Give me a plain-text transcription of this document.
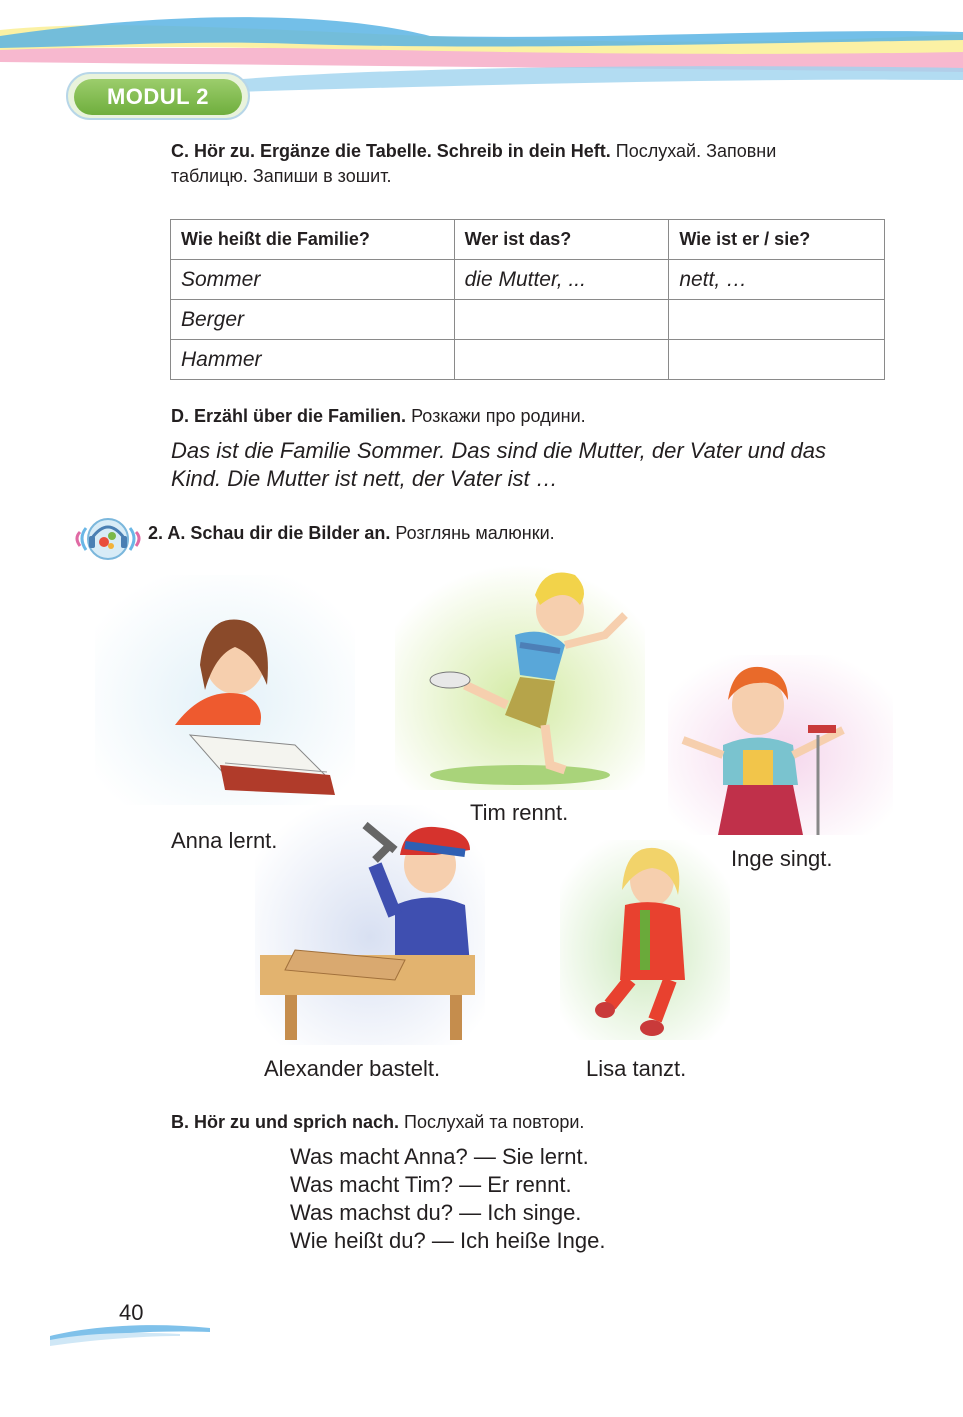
MODUL 2
C. Hör zu. Ergänze die Tabelle. Schreib in dein Heft. Послухай. Заповни
таблицю. Запиши в зошит.
Wie heißt die Familie?	Wer ist das?	Wie ist er / sie?
Sommer	die Mutter, ...	nett, …
Berger		
Hammer		
D. Erzähl über die Familien. Розкажи про родини.
Das ist die Familie Sommer. Das sind die Mutter, der Vater und das
Kind. Die Mutter ist nett, der Vater ist …
2. A. Schau dir die Bilder an. Розглянь малюнки.
Anna lernt.
Tim rennt.
Inge singt.
Alexander bastelt.	Lisa tanzt.
B. Hör zu und sprich nach. Послухай та повтори.
Was macht Anna? — Sie lernt.
Was macht Tim? — Er rennt.
Was machst du? — Ich singe.
Wie heißt du? — Ich heiße Inge.
40
